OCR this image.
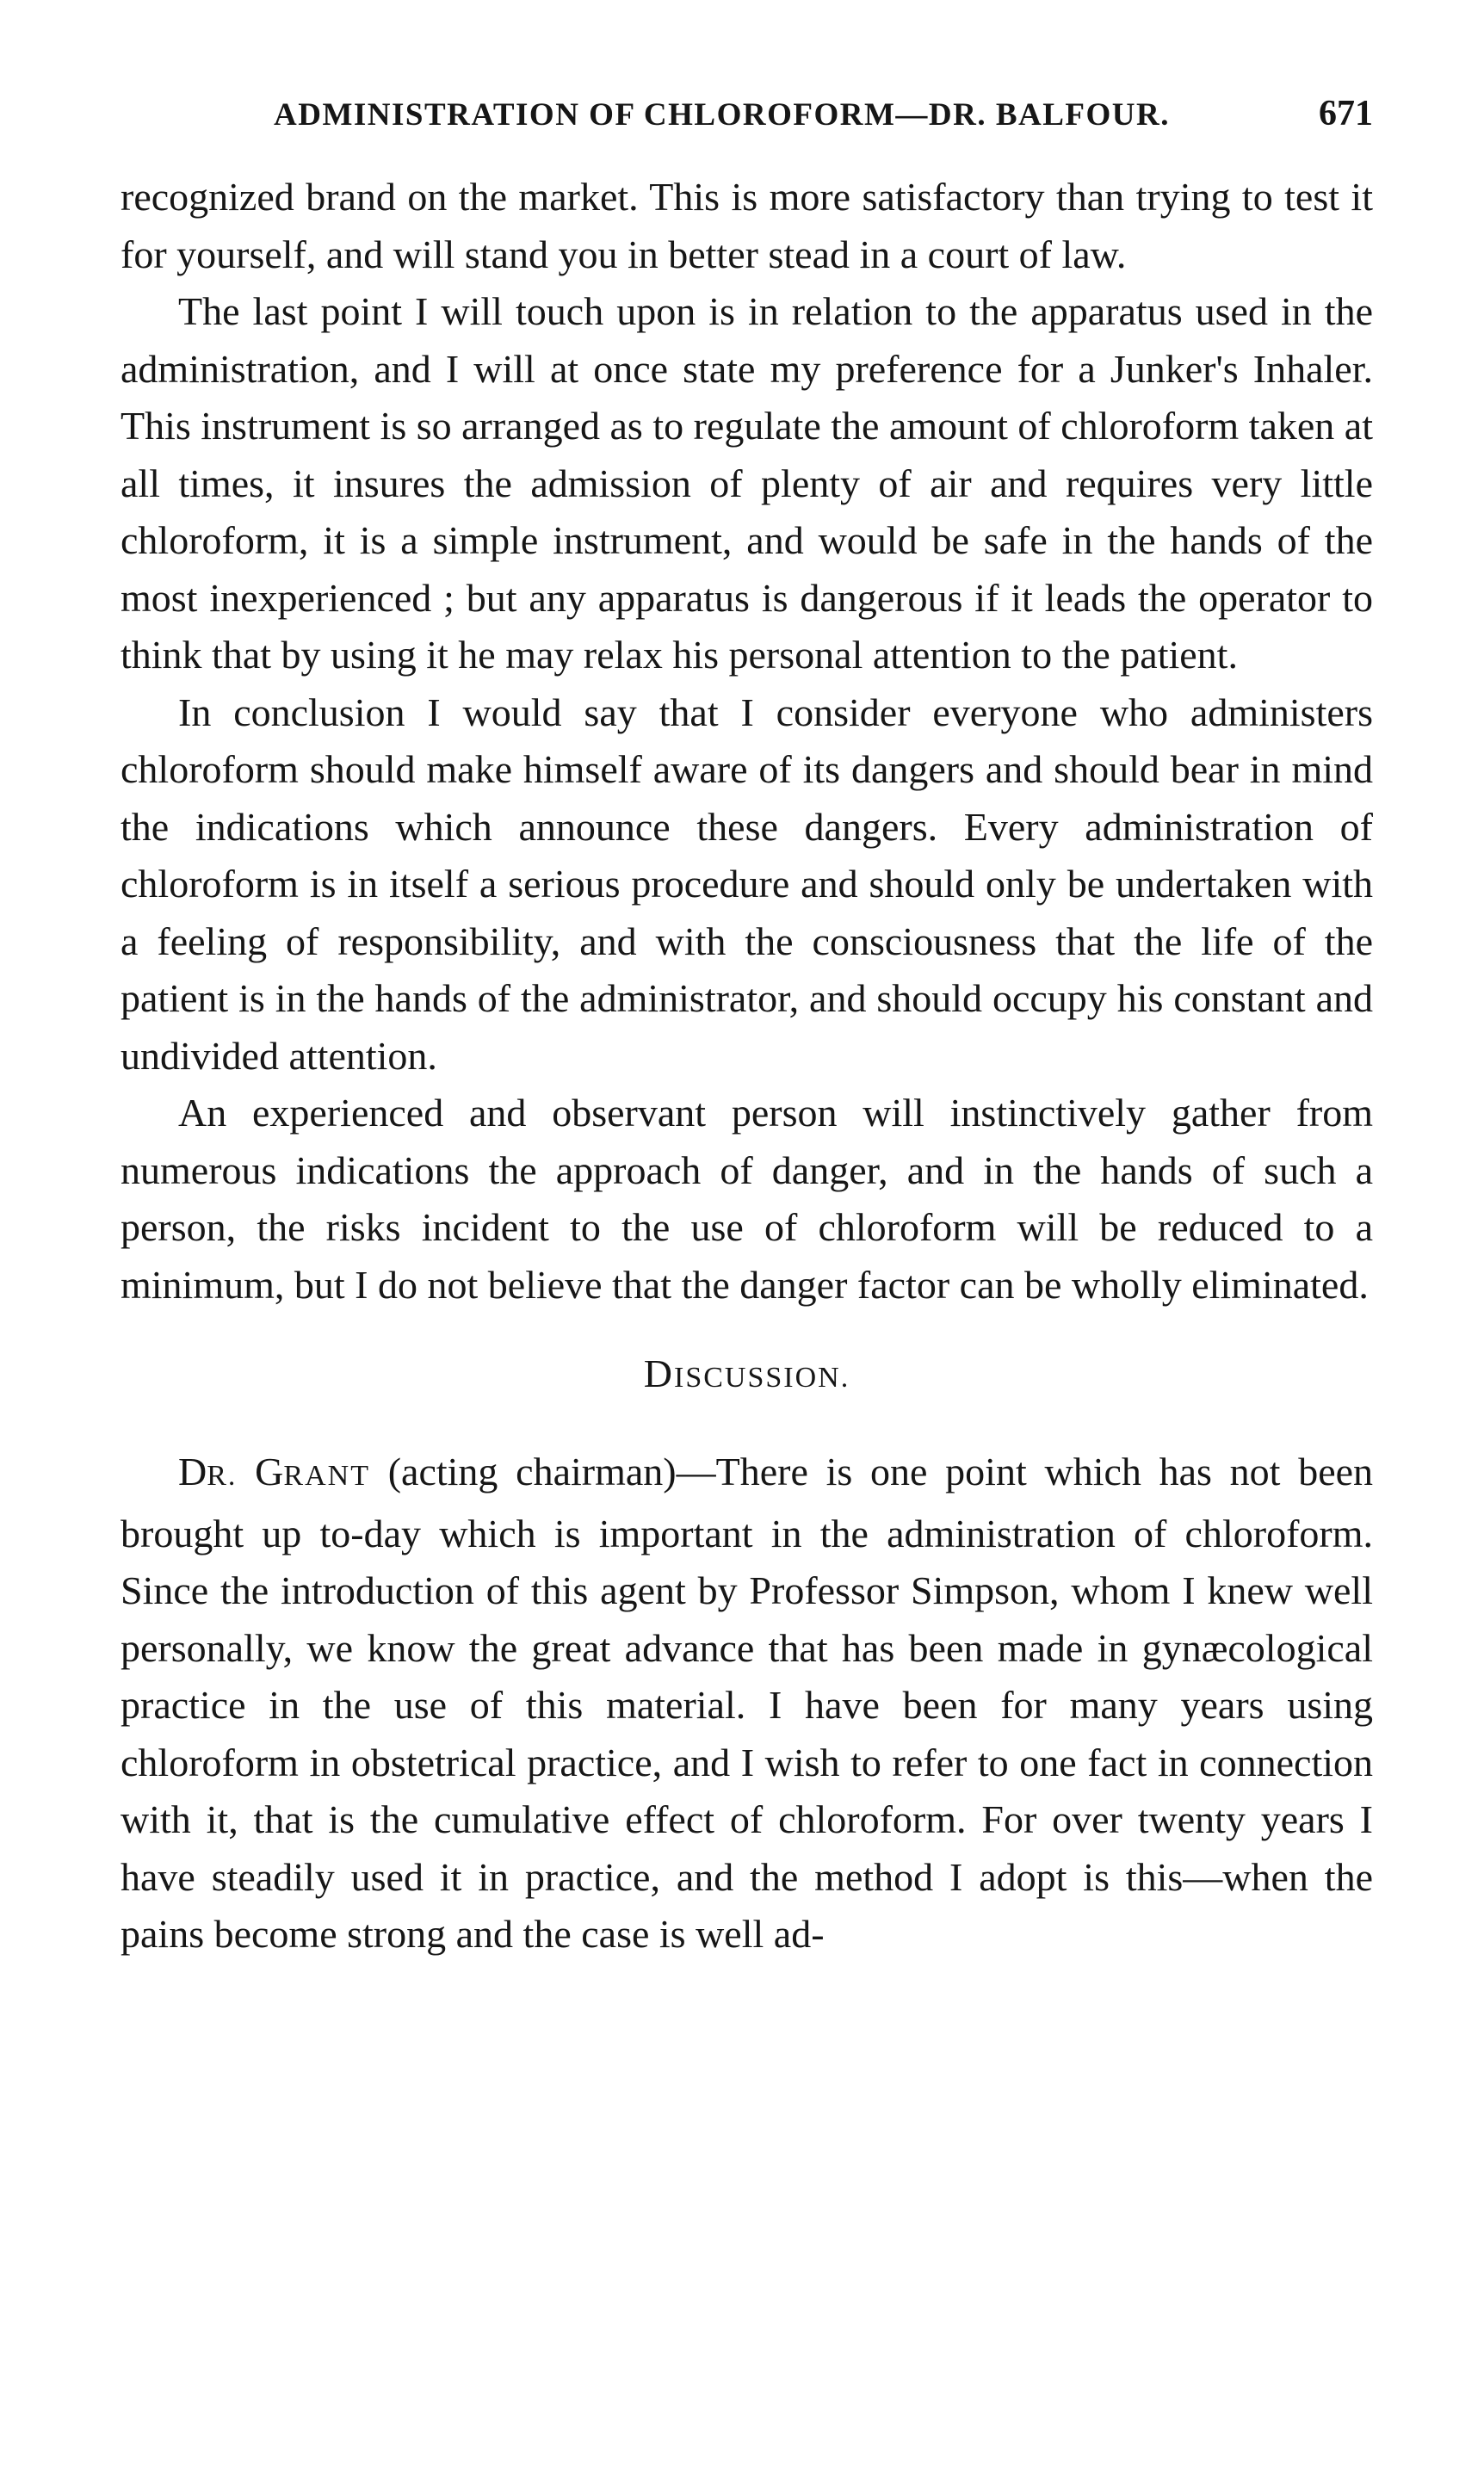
ADMINISTRATION OF CHLOROFORM—DR. BALFOUR.	671

recognized brand on the market. This is more satisfactory than trying to test it for yourself, and will stand you in better stead in a court of law.

The last point I will touch upon is in relation to the apparatus used in the administration, and I will at once state my preference for a Junker's Inhaler. This instrument is so arranged as to regulate the amount of chloroform taken at all times, it insures the admission of plenty of air and requires very little chloroform, it is a simple instrument, and would be safe in the hands of the most inexperienced ; but any apparatus is dangerous if it leads the operator to think that by using it he may relax his personal attention to the patient.

In conclusion I would say that I consider everyone who administers chloroform should make himself aware of its dangers and should bear in mind the indications which announce these dangers. Every administration of chloroform is in itself a serious procedure and should only be undertaken with a feeling of responsibility, and with the consciousness that the life of the patient is in the hands of the administrator, and should occupy his constant and undivided attention.

An experienced and observant person will instinctively gather from numerous indications the approach of danger, and in the hands of such a person, the risks incident to the use of chloroform will be reduced to a minimum, but I do not believe that the danger factor can be wholly eliminated.

DISCUSSION.

DR. GRANT (acting chairman)—There is one point which has not been brought up to-day which is important in the administration of chloroform. Since the introduction of this agent by Professor Simpson, whom I knew well personally, we know the great advance that has been made in gynæcological practice in the use of this material. I have been for many years using chloroform in obstetrical practice, and I wish to refer to one fact in connection with it, that is the cumulative effect of chloroform. For over twenty years I have steadily used it in practice, and the method I adopt is this—when the pains become strong and the case is well ad-
